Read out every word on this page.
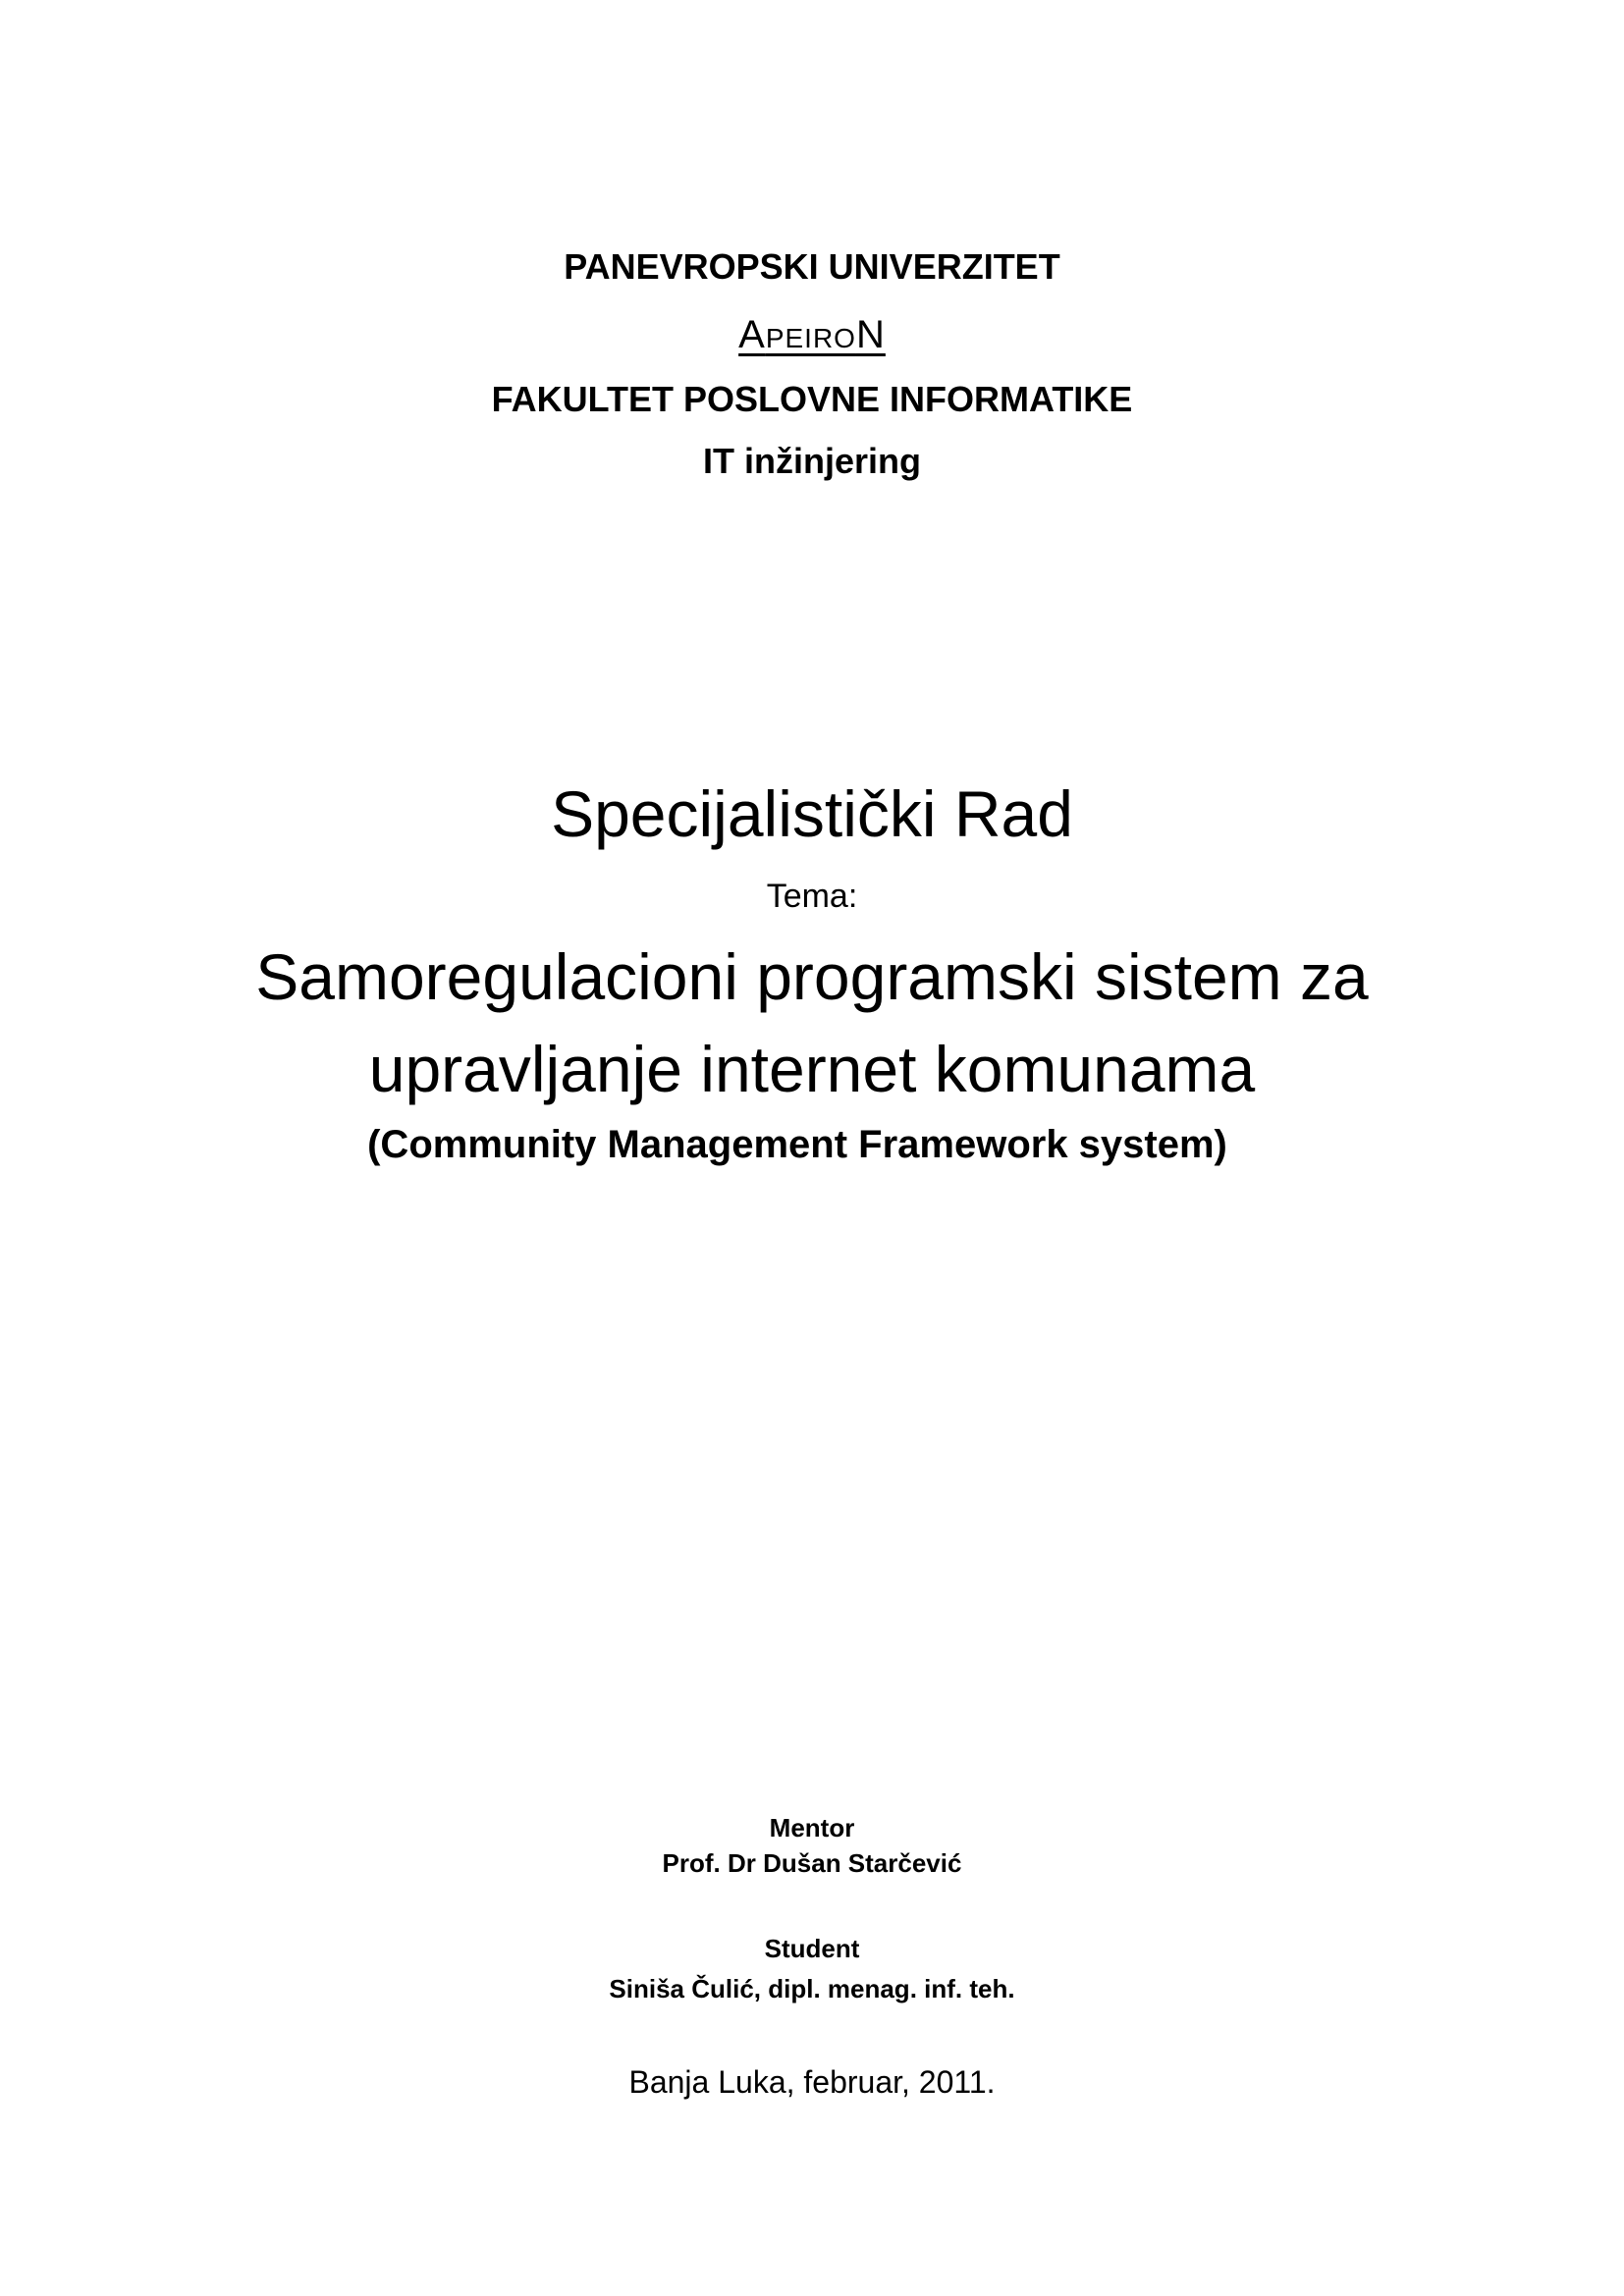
PANEVROPSKI UNIVERZITET
APEIRON
FAKULTET POSLOVNE INFORMATIKE
IT inžinjering
Specijalistički Rad
Tema:
Samoregulacioni programski sistem za
upravljanje internet komunama
(Community Management Framework system)
Mentor
Prof. Dr Dušan Starčević
Student
Siniša Čulić, dipl. menag. inf. teh.
Banja Luka, februar, 2011.
